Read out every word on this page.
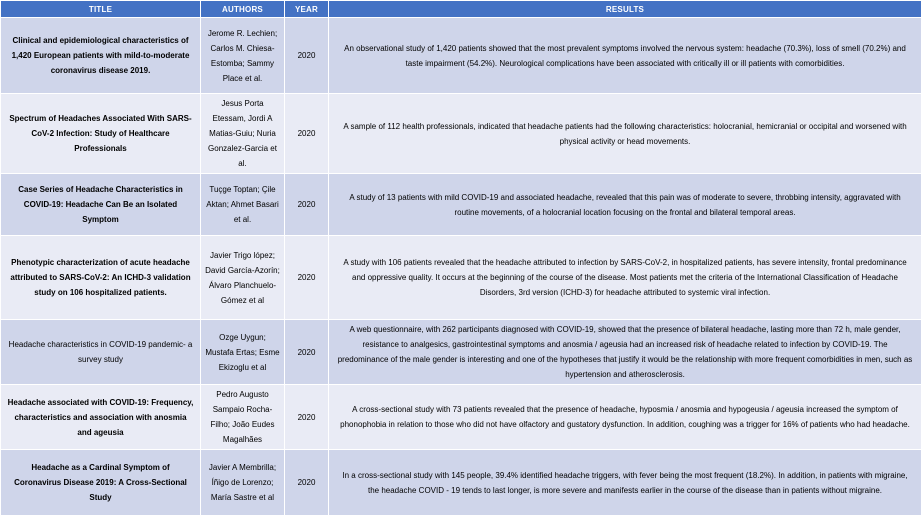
TITLE	AUTHORS	YEAR	RESULTS
Clinical and epidemiological characteristics of 1,420 European patients with mild-to-moderate coronavirus disease 2019.	Jerome R. Lechien; Carlos M. Chiesa-Estomba; Sammy Place et al.	2020	An observational study of 1,420 patients showed that the most prevalent symptoms involved the nervous system: headache (70.3%), loss of smell (70.2%) and taste impairment (54.2%). Neurological complications have been associated with critically ill or ill patients with comorbidities.
Spectrum of Headaches Associated With SARS-CoV-2 Infection: Study of Healthcare Professionals	Jesus Porta Etessam, Jordi A Matias-Guiu; Nuria Gonzalez-Garcia et al.	2020	A sample of 112 health professionals, indicated that headache patients had the following characteristics: holocranial, hemicranial or occipital and worsened with physical activity or head movements.
Case Series of Headache Characteristics in COVID-19: Headache Can Be an Isolated Symptom	Tuçge Toptan; Çile Aktan; Ahmet Basari et al.	2020	A study of 13 patients with mild COVID-19 and associated headache, revealed that this pain was of moderate to severe, throbbing intensity, aggravated with routine movements, of a holocranial location focusing on the frontal and bilateral temporal areas.
Phenotypic characterization of acute headache attributed to SARS-CoV-2: An ICHD-3 validation study on 106 hospitalized patients.	Javier Trigo lópez; David García-Azorín; Álvaro Planchuelo-Gómez et al	2020	A study with 106 patients revealed that the headache attributed to infection by SARS-CoV-2, in hospitalized patients, has severe intensity, frontal predominance and oppressive quality. It occurs at the beginning of the course of the disease. Most patients met the criteria of the International Classification of Headache Disorders, 3rd version (ICHD-3) for headache attributed to systemic viral infection.
Headache characteristics in COVID-19 pandemic- a survey study	Ozge Uygun; Mustafa Ertas; Esme Ekizoglu et al	2020	A web questionnaire, with 262 participants diagnosed with COVID-19, showed that the presence of bilateral headache, lasting more than 72 h, male gender, resistance to analgesics, gastrointestinal symptoms and anosmia / ageusia had an increased risk of headache related to infection by COVID-19. The predominance of the male gender is interesting and one of the hypotheses that justify it would be the relationship with more frequent comorbidities in men, such as hypertension and atherosclerosis.
Headache associated with COVID-19: Frequency, characteristics and association with anosmia and ageusia	Pedro Augusto Sampaio Rocha-Filho; João Eudes Magalhães	2020	A cross-sectional study with 73 patients revealed that the presence of headache, hyposmia / anosmia and hypogeusia / ageusia increased the symptom of phonophobia in relation to those who did not have olfactory and gustatory dysfunction. In addition, coughing was a trigger for 16% of patients who had headache.
Headache as a Cardinal Symptom of Coronavirus Disease 2019: A Cross-Sectional Study	Javier A Membrilla; Íñigo de Lorenzo; María Sastre et al	2020	In a cross-sectional study with 145 people, 39.4% identified headache triggers, with fever being the most frequent (18.2%). In addition, in patients with migraine, the headache COVID - 19 tends to last longer, is more severe and manifests earlier in the course of the disease than in patients without migraine.
